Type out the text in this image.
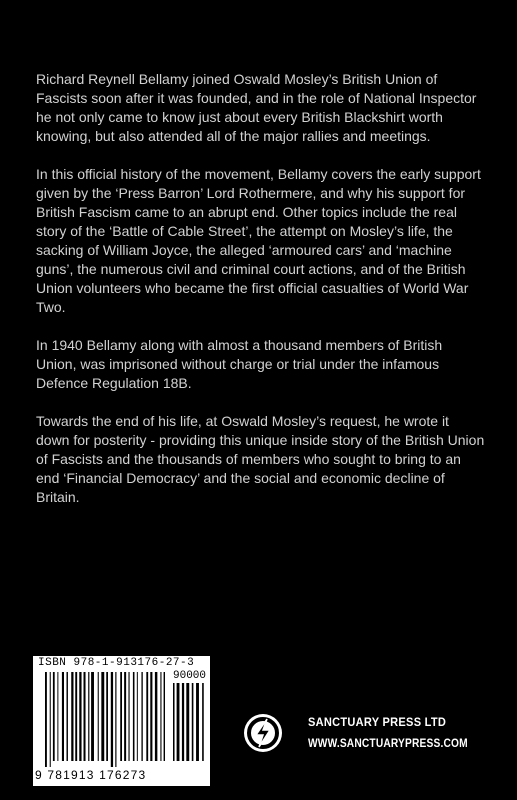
Richard Reynell Bellamy joined Oswald Mosley’s British Union of Fascists soon after it was founded, and in the role of National Inspector he not only came to know just about every British Blackshirt worth knowing, but also attended all of the major rallies and meetings.

In this official history of the movement, Bellamy covers the early support given by the ‘Press Barron’ Lord Rothermere, and why his support for British Fascism came to an abrupt end. Other topics include the real story of the ‘Battle of Cable Street’, the attempt on Mosley’s life, the sacking of William Joyce, the alleged ‘armoured cars’ and ‘machine guns’, the numerous civil and criminal court actions, and of the British Union volunteers who became the first official casualties of World War Two.

In 1940 Bellamy along with almost a thousand members of British Union, was imprisoned without charge or trial under the infamous Defence Regulation 18B.

Towards the end of his life, at Oswald Mosley’s request, he wrote it down for posterity - providing this unique inside story of the British Union of Fascists and the thousands of members who sought to bring to an end ‘Financial Democracy’ and the social and economic decline of Britain.

ISBN 978-1-913176-27-3
90000
9 781913 176273
SANCTUARY PRESS LTD
WWW.SANCTUARYPRESS.COM
